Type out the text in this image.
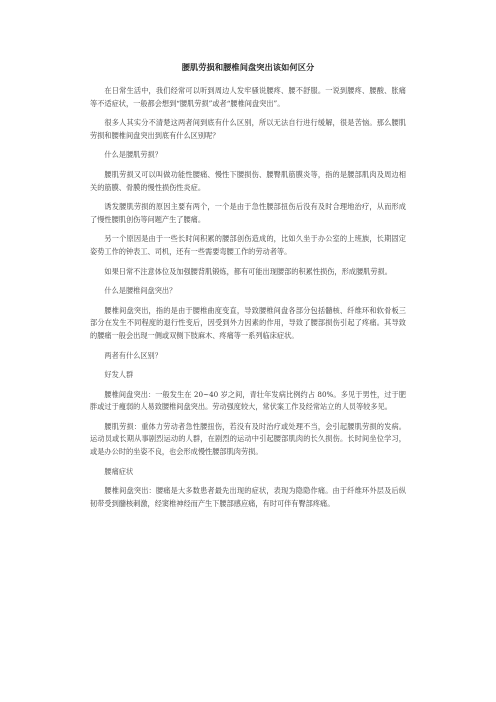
腰肌劳损和腰椎间盘突出该如何区分

在日常生活中，我们经常可以听到周边人发牢骚说腰疼、腰不舒服。一说到腰疼、腰酸、胀痛等不适症状，一般都会想到“腰肌劳损”或者“腰椎间盘突出”。

很多人其实分不清楚这两者间到底有什么区别，所以无法自行进行缓解，很是苦恼。那么腰肌劳损和腰椎间盘突出到底有什么区别呢？

什么是腰肌劳损？

腰肌劳损又可以叫做功能性腰痛、慢性下腰损伤、腰臀肌筋膜炎等，指的是腰部肌肉及周边相关的筋膜、骨膜的慢性损伤性炎症。

诱发腰肌劳损的原因主要有两个，一个是由于急性腰部扭伤后没有及时合理地治疗，从而形成了慢性腰肌创伤等问题产生了腰痛。

另一个原因是由于一些长时间积累的腰部创伤造成的，比如久坐于办公室的上班族，长期固定姿势工作的钟表工、司机，还有一些需要弯腰工作的劳动者等。

如果日常不注意体位及加强腰背肌锻炼，都有可能出现腰部的积累性损伤，形成腰肌劳损。

什么是腰椎间盘突出？

腰椎间盘突出，指的是由于腰椎曲度变直，导致腰椎间盘各部分包括髓核、纤维环和软骨板三部分在发生不同程度的退行性变后，因受到外力因素的作用，导致了腰部损伤引起了疼痛。其导致的腰痛一般会出现一侧或双侧下肢麻木、疼痛等一系列临床症状。

两者有什么区别？

好发人群

腰椎间盘突出：一般发生在 20~40 岁之间，青壮年发病比例约占 80%。多见于男性，过于肥胖或过于瘦弱的人易致腰椎间盘突出。劳动强度较大，常伏案工作及经常站立的人员等较多见。

腰肌劳损：重体力劳动者急性腰扭伤，若没有及时治疗或处理不当，会引起腰肌劳损的发病。运动员或长期从事剧烈运动的人群，在剧烈的运动中引起腰部肌肉的长久损伤。长时间坐位学习，或是办公时的坐姿不良，也会形成慢性腰部肌肉劳损。

腰痛症状

腰椎间盘突出：腰痛是大多数患者最先出现的症状，表现为隐隐作痛。由于纤维环外层及后纵韧带受到髓核刺激，经窦椎神经而产生下腰部感应痛，有时可伴有臀部疼痛。
